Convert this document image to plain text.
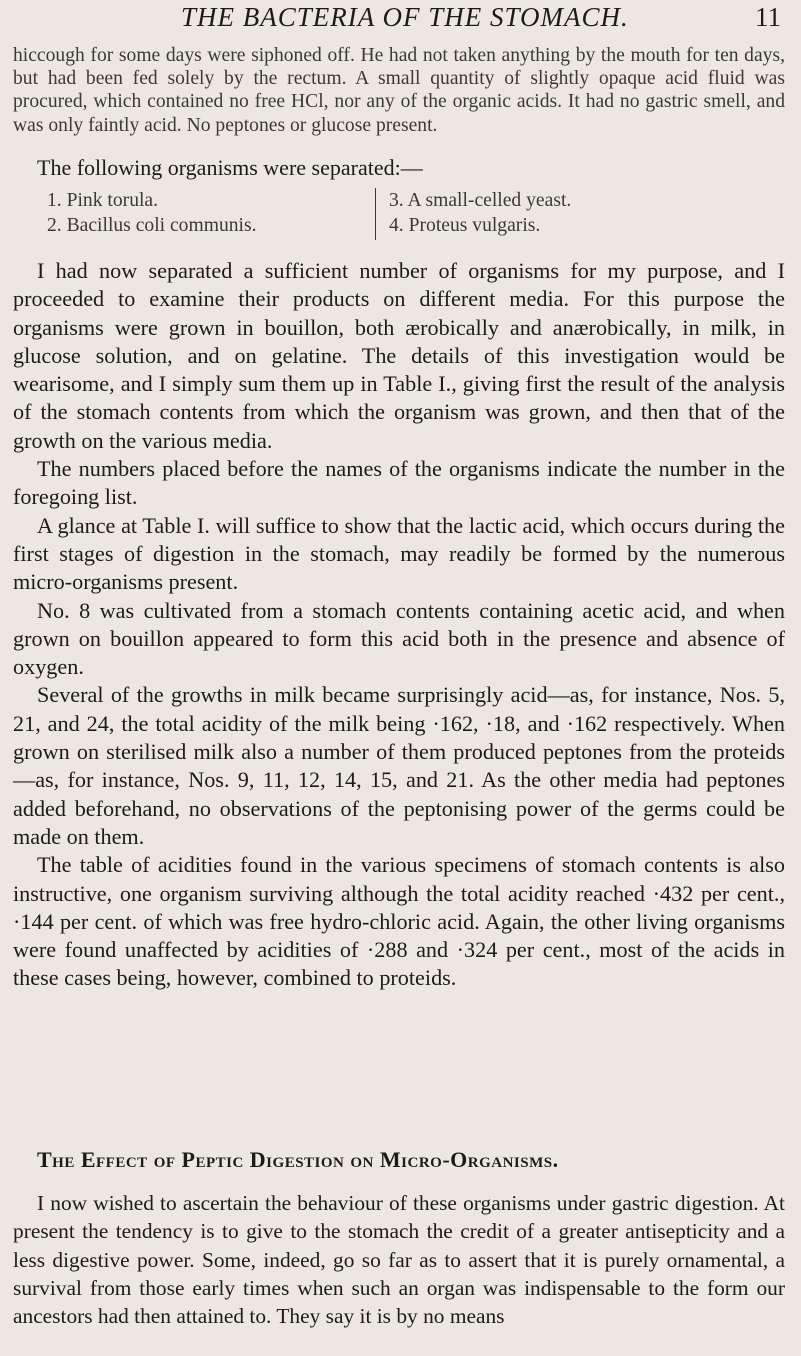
THE BACTERIA OF THE STOMACH.	11

hiccough for some days were siphoned off. He had not taken anything by the mouth for ten days, but had been fed solely by the rectum. A small quantity of slightly opaque acid fluid was procured, which contained no free HCl, nor any of the organic acids. It had no gastric smell, and was only faintly acid. No peptones or glucose present.

The following organisms were separated:—

1. Pink torula.
2. Bacillus coli communis.
3. A small-celled yeast.
4. Proteus vulgaris.

I had now separated a sufficient number of organisms for my purpose, and I proceeded to examine their products on different media. For this purpose the organisms were grown in bouillon, both ærobically and anærobically, in milk, in glucose solution, and on gelatine. The details of this investigation would be wearisome, and I simply sum them up in Table I., giving first the result of the analysis of the stomach contents from which the organism was grown, and then that of the growth on the various media.

The numbers placed before the names of the organisms indicate the number in the foregoing list.

A glance at Table I. will suffice to show that the lactic acid, which occurs during the first stages of digestion in the stomach, may readily be formed by the numerous micro-organisms present.

No. 8 was cultivated from a stomach contents containing acetic acid, and when grown on bouillon appeared to form this acid both in the presence and absence of oxygen.

Several of the growths in milk became surprisingly acid—as, for instance, Nos. 5, 21, and 24, the total acidity of the milk being ·162, ·18, and ·162 respectively. When grown on sterilised milk also a number of them produced peptones from the proteids—as, for instance, Nos. 9, 11, 12, 14, 15, and 21. As the other media had peptones added beforehand, no observations of the peptonising power of the germs could be made on them.

The table of acidities found in the various specimens of stomach contents is also instructive, one organism surviving although the total acidity reached ·432 per cent., ·144 per cent. of which was free hydro-chloric acid. Again, the other living organisms were found unaffected by acidities of ·288 and ·324 per cent., most of the acids in these cases being, however, combined to proteids.

The Effect of Peptic Digestion on Micro-Organisms.

I now wished to ascertain the behaviour of these organisms under gastric digestion. At present the tendency is to give to the stomach the credit of a greater antisepticity and a less digestive power. Some, indeed, go so far as to assert that it is purely ornamental, a survival from those early times when such an organ was indispensable to the form our ancestors had then attained to. They say it is by no means
